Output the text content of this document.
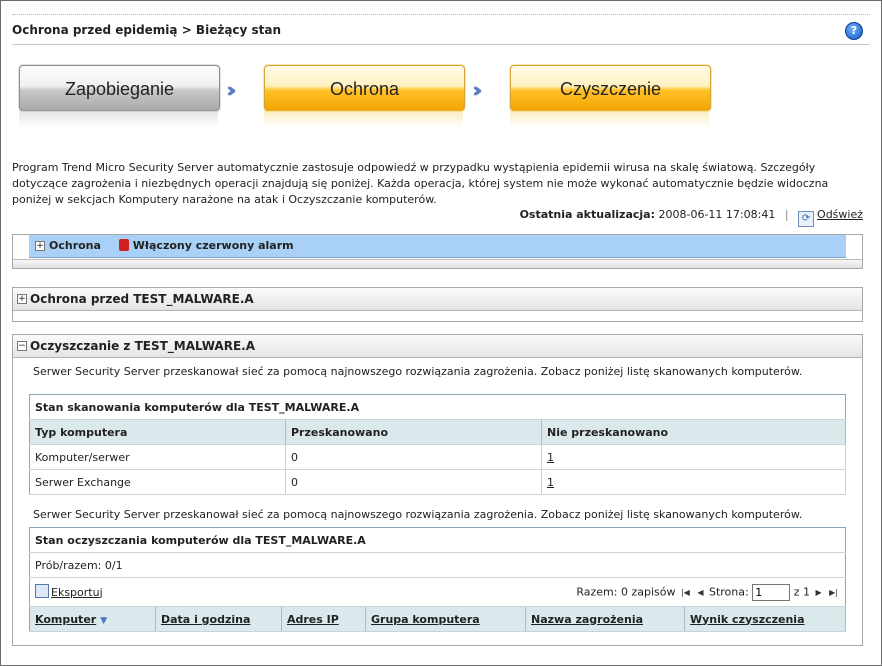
Ochrona przed epidemią > Bieżący stan	?
Zapobieganie	›››	Ochrona	›››	Czyszczenie
Program Trend Micro Security Server automatycznie zastosuje odpowiedź w przypadku wystąpienia epidemii wirusa na skalę światową. Szczegóły dotyczące zagrożenia i niezbędnych operacji znajdują się poniżej. Każda operacja, której system nie może wykonać automatycznie będzie widoczna poniżej w sekcjach Komputery narażone na atak i Oczyszczanie komputerów.
Ostatnia aktualizacja: 2008-06-11 17:08:41 | ⟳ Odśwież
+ Ochrona	Włączony czerwony alarm
+ Ochrona przed TEST_MALWARE.A
− Oczyszczanie z TEST_MALWARE.A
Serwer Security Server przeskanował sieć za pomocą najnowszego rozwiązania zagrożenia. Zobacz poniżej listę skanowanych komputerów.
Stan skanowania komputerów dla TEST_MALWARE.A		
Typ komputera	Przeskanowano	Nie przeskanowano
Komputer/serwer	0	1
Serwer Exchange	0	1
Serwer Security Server przeskanował sieć za pomocą najnowszego rozwiązania zagrożenia. Zobacz poniżej listę skanowanych komputerów.
Stan oczyszczania komputerów dla TEST_MALWARE.A
Prób/razem: 0/1
Eksportuj	Razem: 0 zapisów |◀ ◀ Strona: 1	z 1 ▶ ▶|

Komputer ▼	Data i godzina	Adres IP	Grupa komputera	Nazwa zagrożenia	Wynik czyszczenia
